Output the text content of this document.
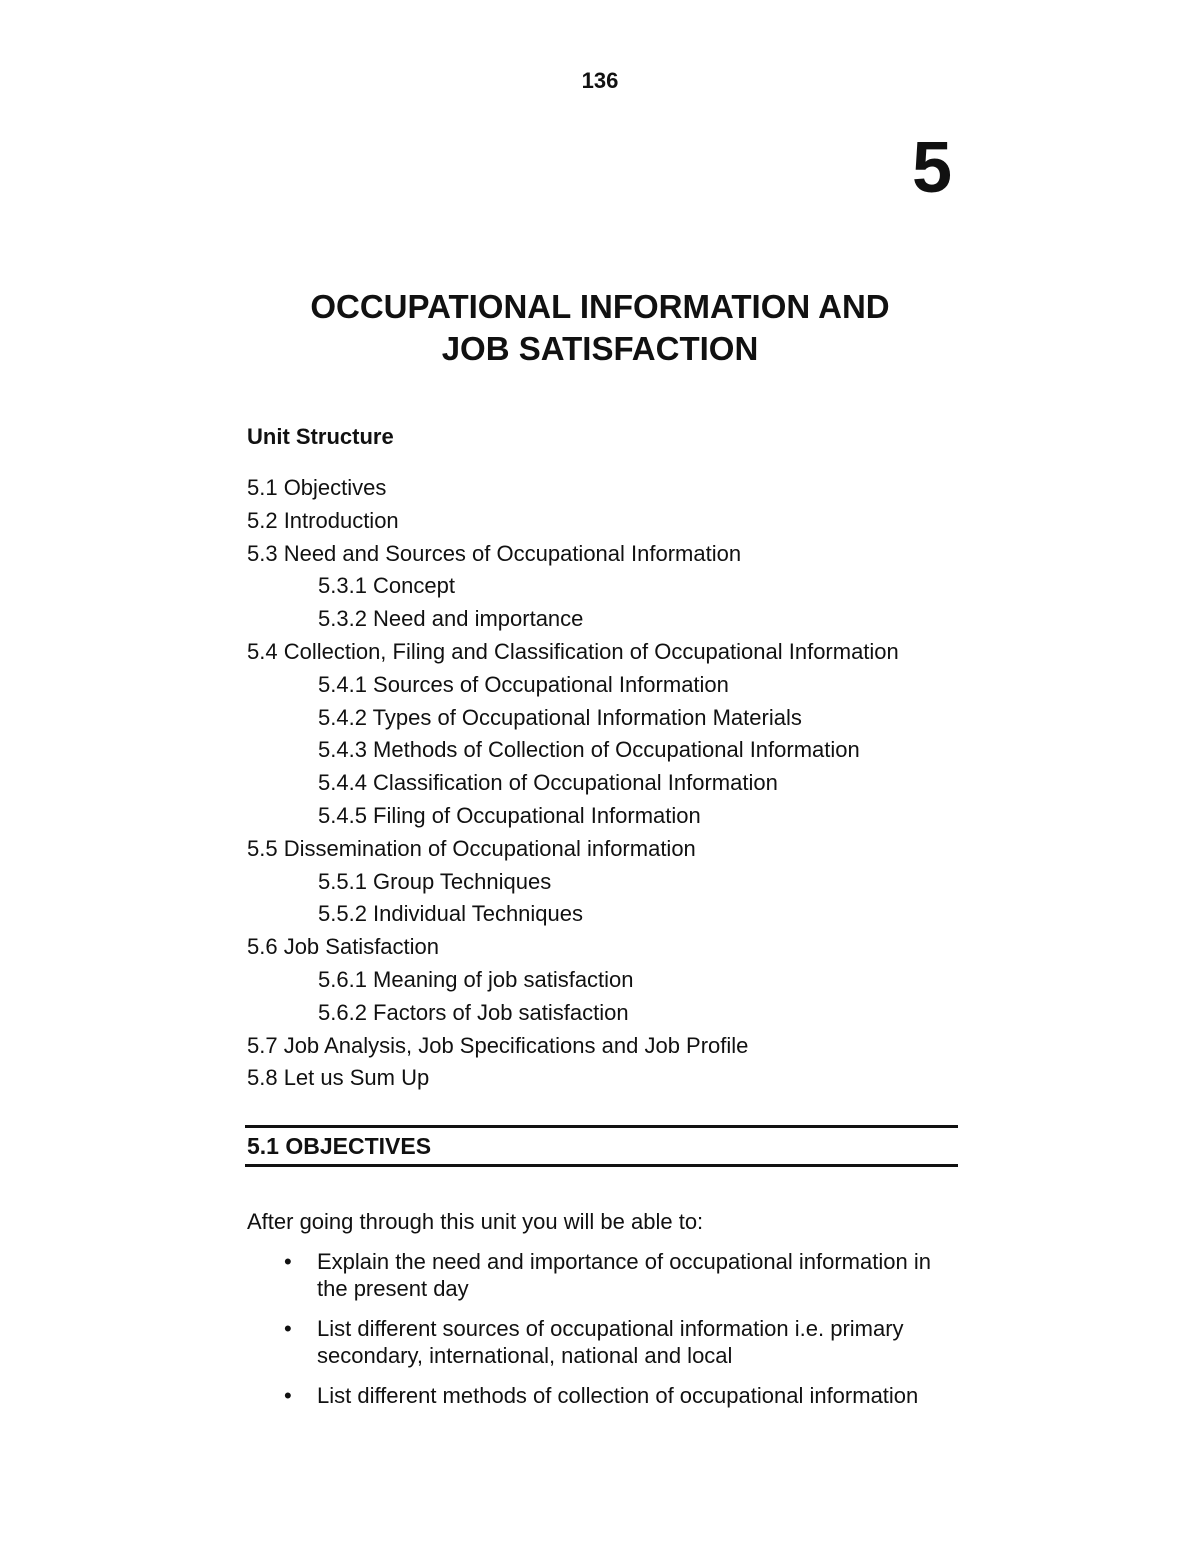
136
5
OCCUPATIONAL INFORMATION AND
JOB SATISFACTION
Unit Structure
5.1 Objectives
5.2 Introduction
5.3 Need and Sources of Occupational Information
5.3.1 Concept
5.3.2 Need and importance
5.4 Collection, Filing and Classification of Occupational Information
5.4.1 Sources of Occupational Information
5.4.2 Types of Occupational Information Materials
5.4.3 Methods of Collection of Occupational Information
5.4.4 Classification of Occupational Information
5.4.5 Filing of Occupational Information
5.5 Dissemination of Occupational information
5.5.1 Group Techniques
5.5.2 Individual Techniques
5.6 Job Satisfaction
5.6.1 Meaning of job satisfaction
5.6.2 Factors of Job satisfaction
5.7 Job Analysis, Job Specifications and Job Profile
5.8 Let us Sum Up
5.1 OBJECTIVES
After going through this unit you will be able to:
• Explain the need and importance of occupational information in the present day
• List different sources of occupational information i.e. primary secondary, international, national and local
• List different methods of collection of occupational information
